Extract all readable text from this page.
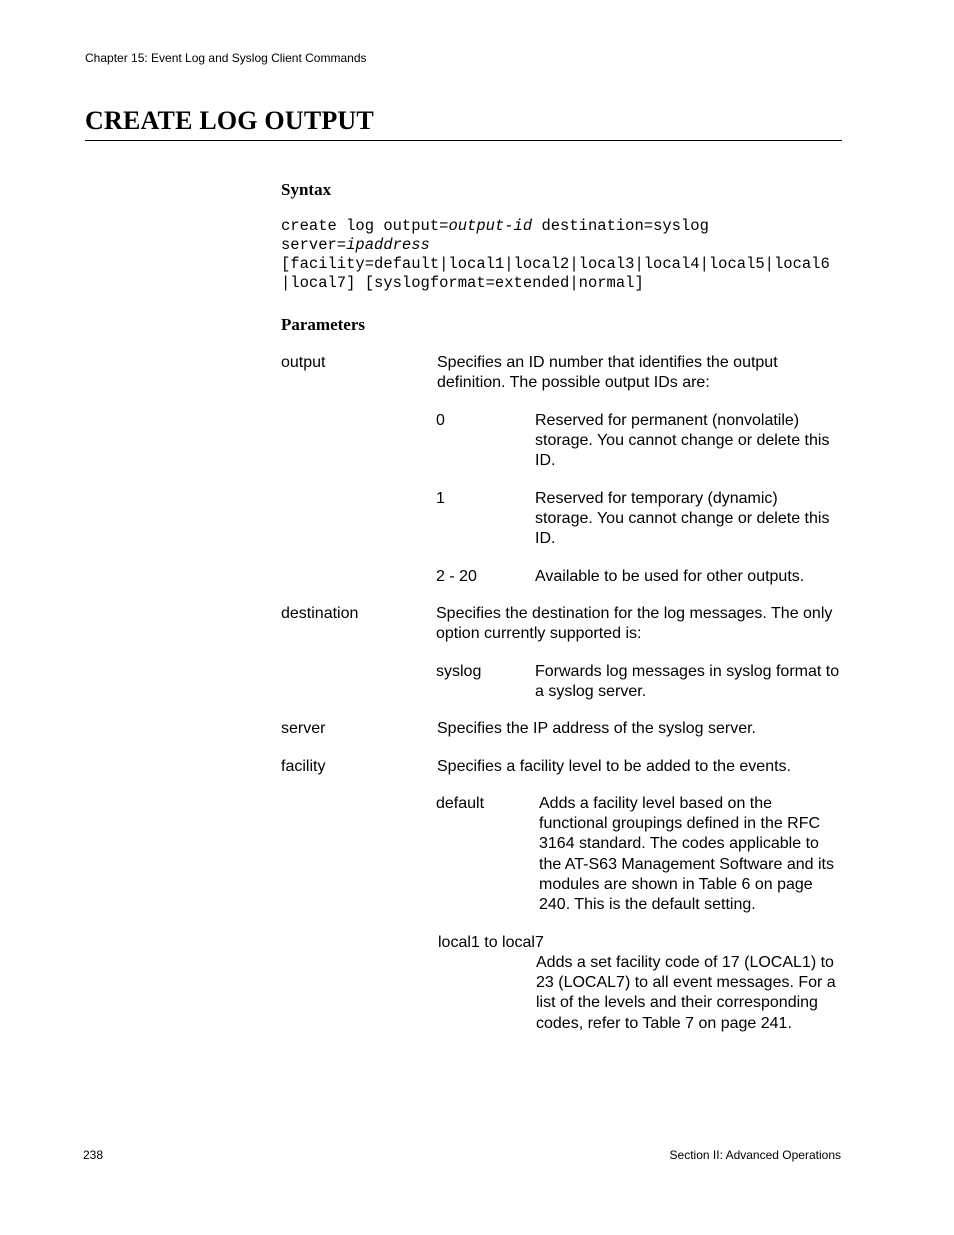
Chapter 15: Event Log and Syslog Client Commands
CREATE LOG OUTPUT
Syntax
create log output=output-id destination=syslog
server=ipaddress
[facility=default|local1|local2|local3|local4|local5|local6
|local7] [syslogformat=extended|normal]
Parameters
output	Specifies an ID number that identifies the output definition. The possible output IDs are:
0	Reserved for permanent (nonvolatile) storage. You cannot change or delete this ID.
1	Reserved for temporary (dynamic) storage. You cannot change or delete this ID.
2 - 20	Available to be used for other outputs.
destination	Specifies the destination for the log messages. The only option currently supported is:
syslog	Forwards log messages in syslog format to a syslog server.
server	Specifies the IP address of the syslog server.
facility	Specifies a facility level to be added to the events.
default	Adds a facility level based on the functional groupings defined in the RFC 3164 standard. The codes applicable to the AT-S63 Management Software and its modules are shown in Table 6 on page 240. This is the default setting.
local1 to local7
Adds a set facility code of 17 (LOCAL1) to 23 (LOCAL7) to all event messages. For a list of the levels and their corresponding codes, refer to Table 7 on page 241.
238	Section II: Advanced Operations
